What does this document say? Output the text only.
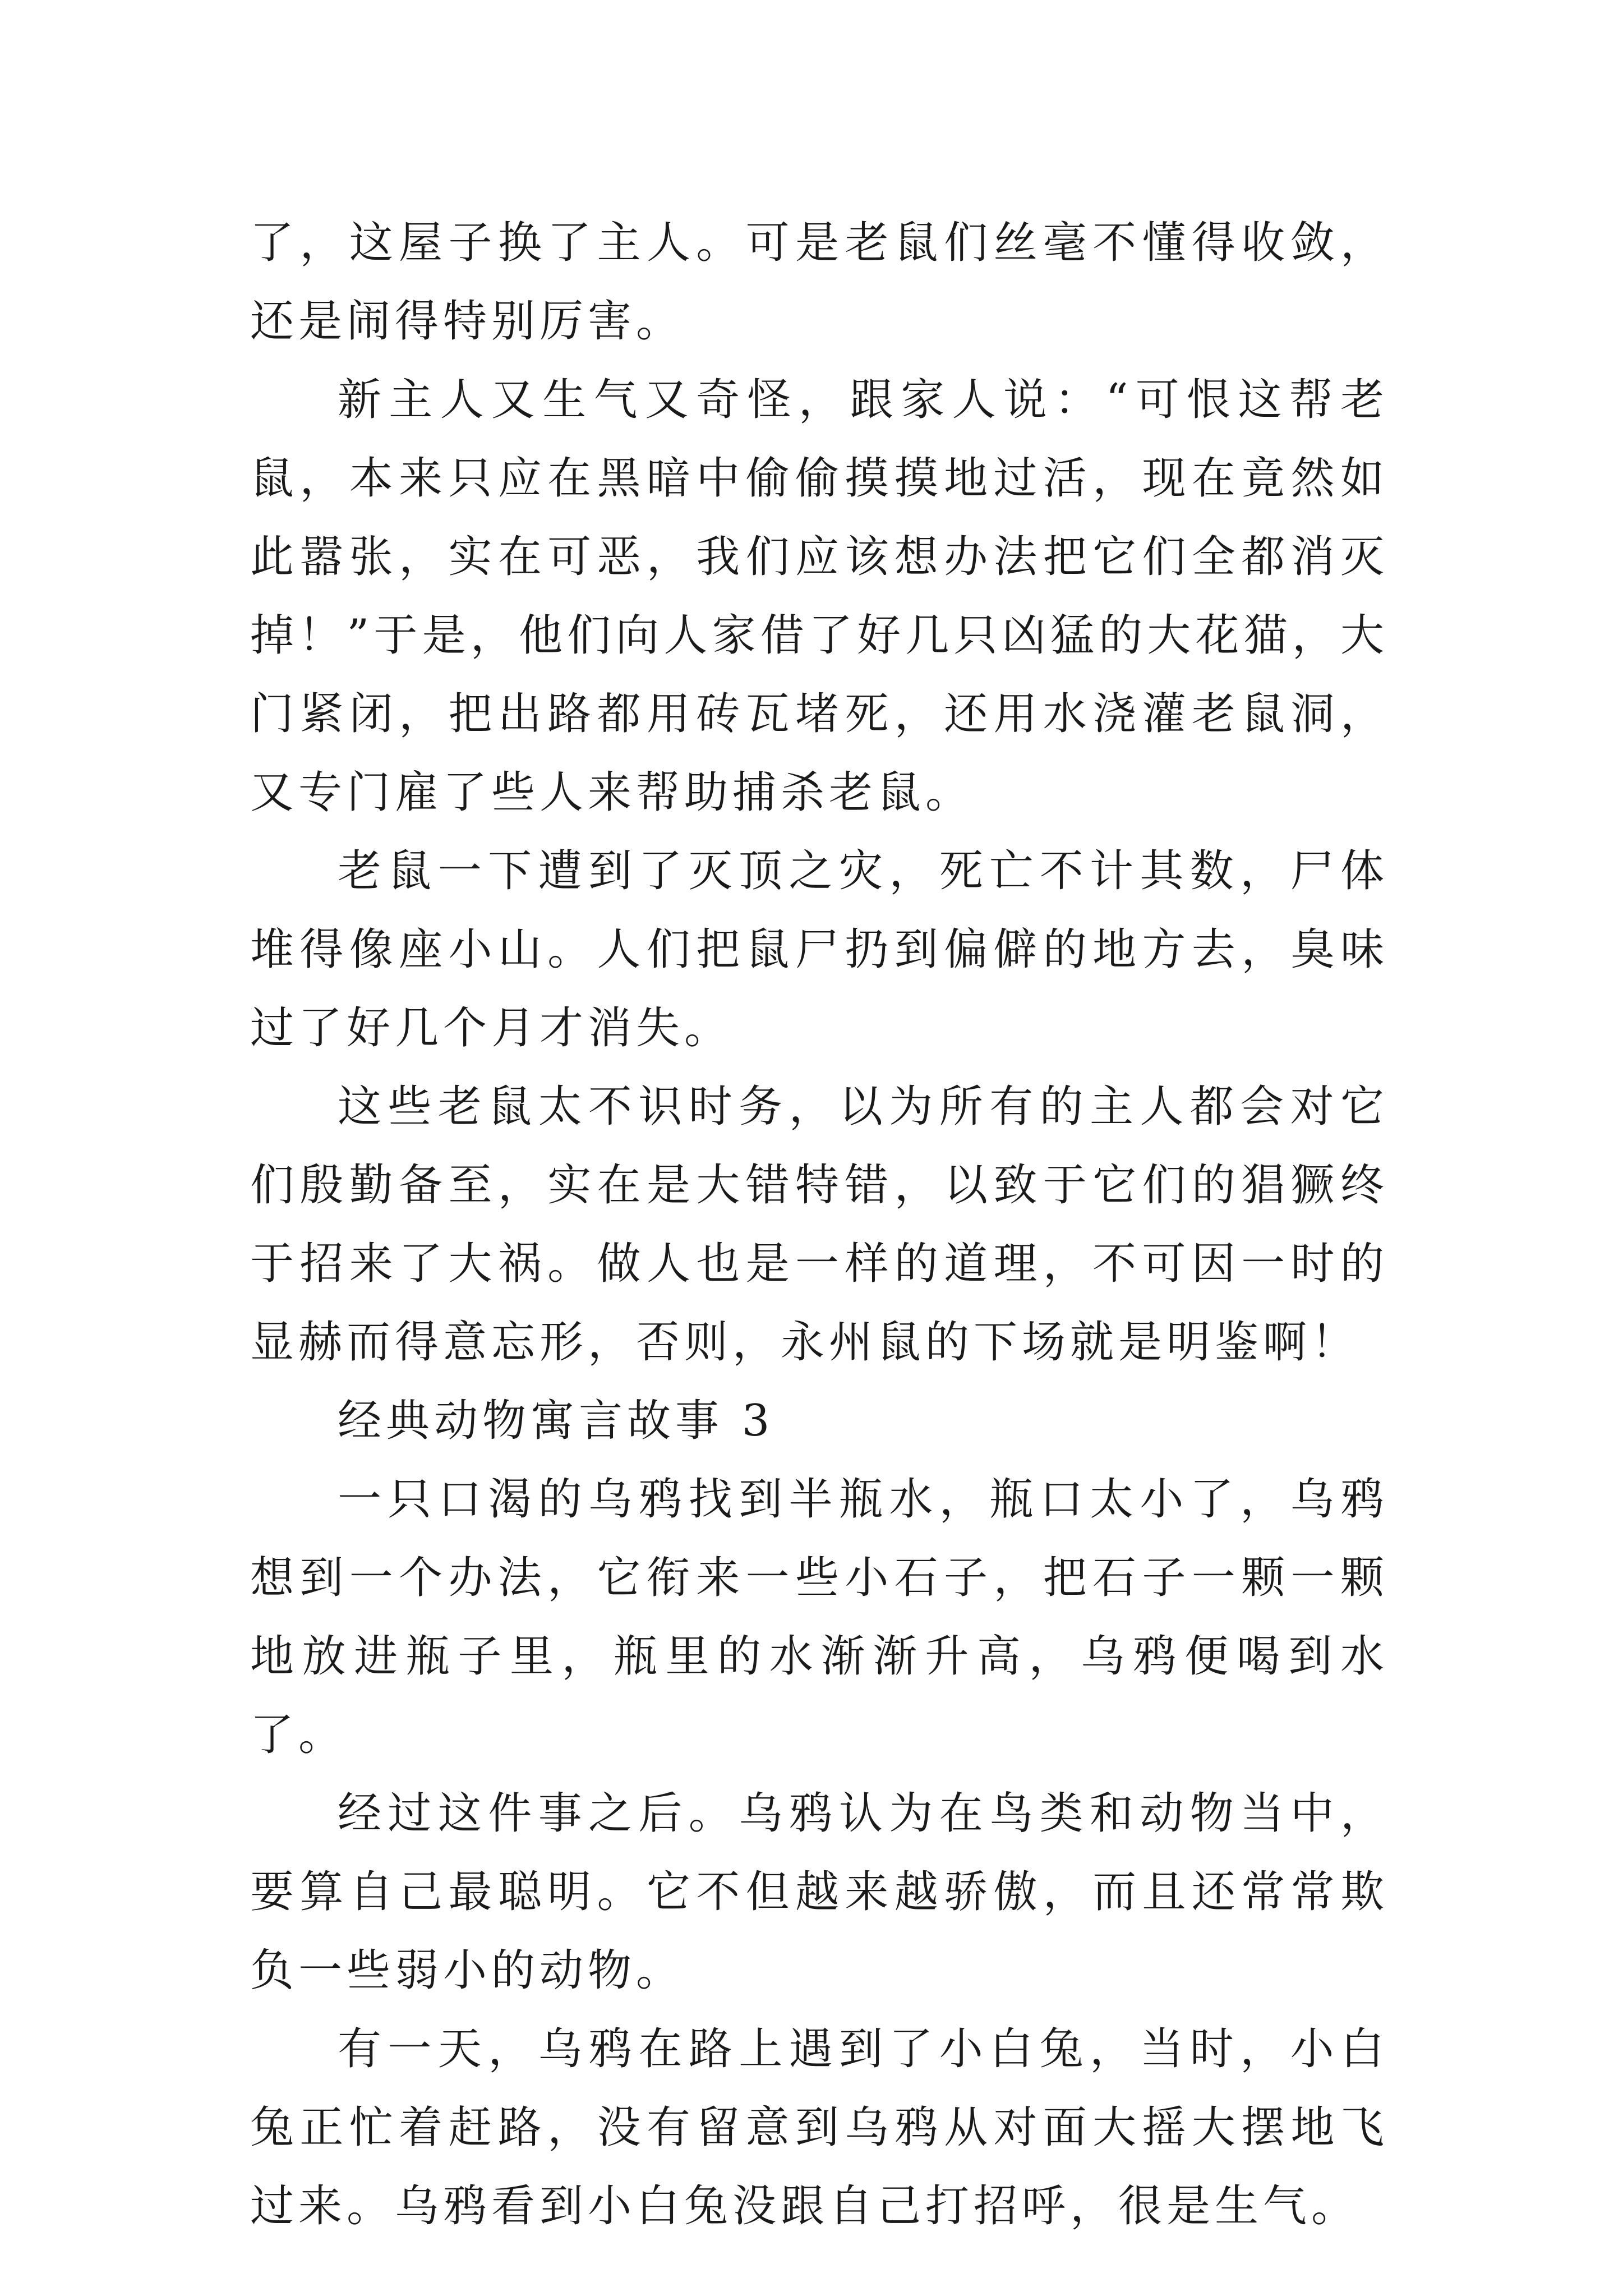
了，这屋子换了主人。可是老鼠们丝毫不懂得收敛，还是闹得特别厉害。

新主人又生气又奇怪，跟家人说：“可恨这帮老鼠，本来只应在黑暗中偷偷摸摸地过活，现在竟然如此嚣张，实在可恶，我们应该想办法把它们全都消灭掉！”于是，他们向人家借了好几只凶猛的大花猫，大门紧闭，把出路都用砖瓦堵死，还用水浇灌老鼠洞，又专门雇了些人来帮助捕杀老鼠。

老鼠一下遭到了灭顶之灾，死亡不计其数，尸体堆得像座小山。人们把鼠尸扔到偏僻的地方去，臭味过了好几个月才消失。

这些老鼠太不识时务，以为所有的主人都会对它们殷勤备至，实在是大错特错，以致于它们的猖獗终于招来了大祸。做人也是一样的道理，不可因一时的显赫而得意忘形，否则，永州鼠的下场就是明鉴啊！

经典动物寓言故事 3

一只口渴的乌鸦找到半瓶水，瓶口太小了，乌鸦想到一个办法，它衔来一些小石子，把石子一颗一颗地放进瓶子里，瓶里的水渐渐升高，乌鸦便喝到水了。

经过这件事之后。乌鸦认为在鸟类和动物当中，要算自己最聪明。它不但越来越骄傲，而且还常常欺负一些弱小的动物。

有一天，乌鸦在路上遇到了小白兔，当时，小白兔正忙着赶路，没有留意到乌鸦从对面大摇大摆地飞过来。乌鸦看到小白兔没跟自己打招呼，很是生气。
